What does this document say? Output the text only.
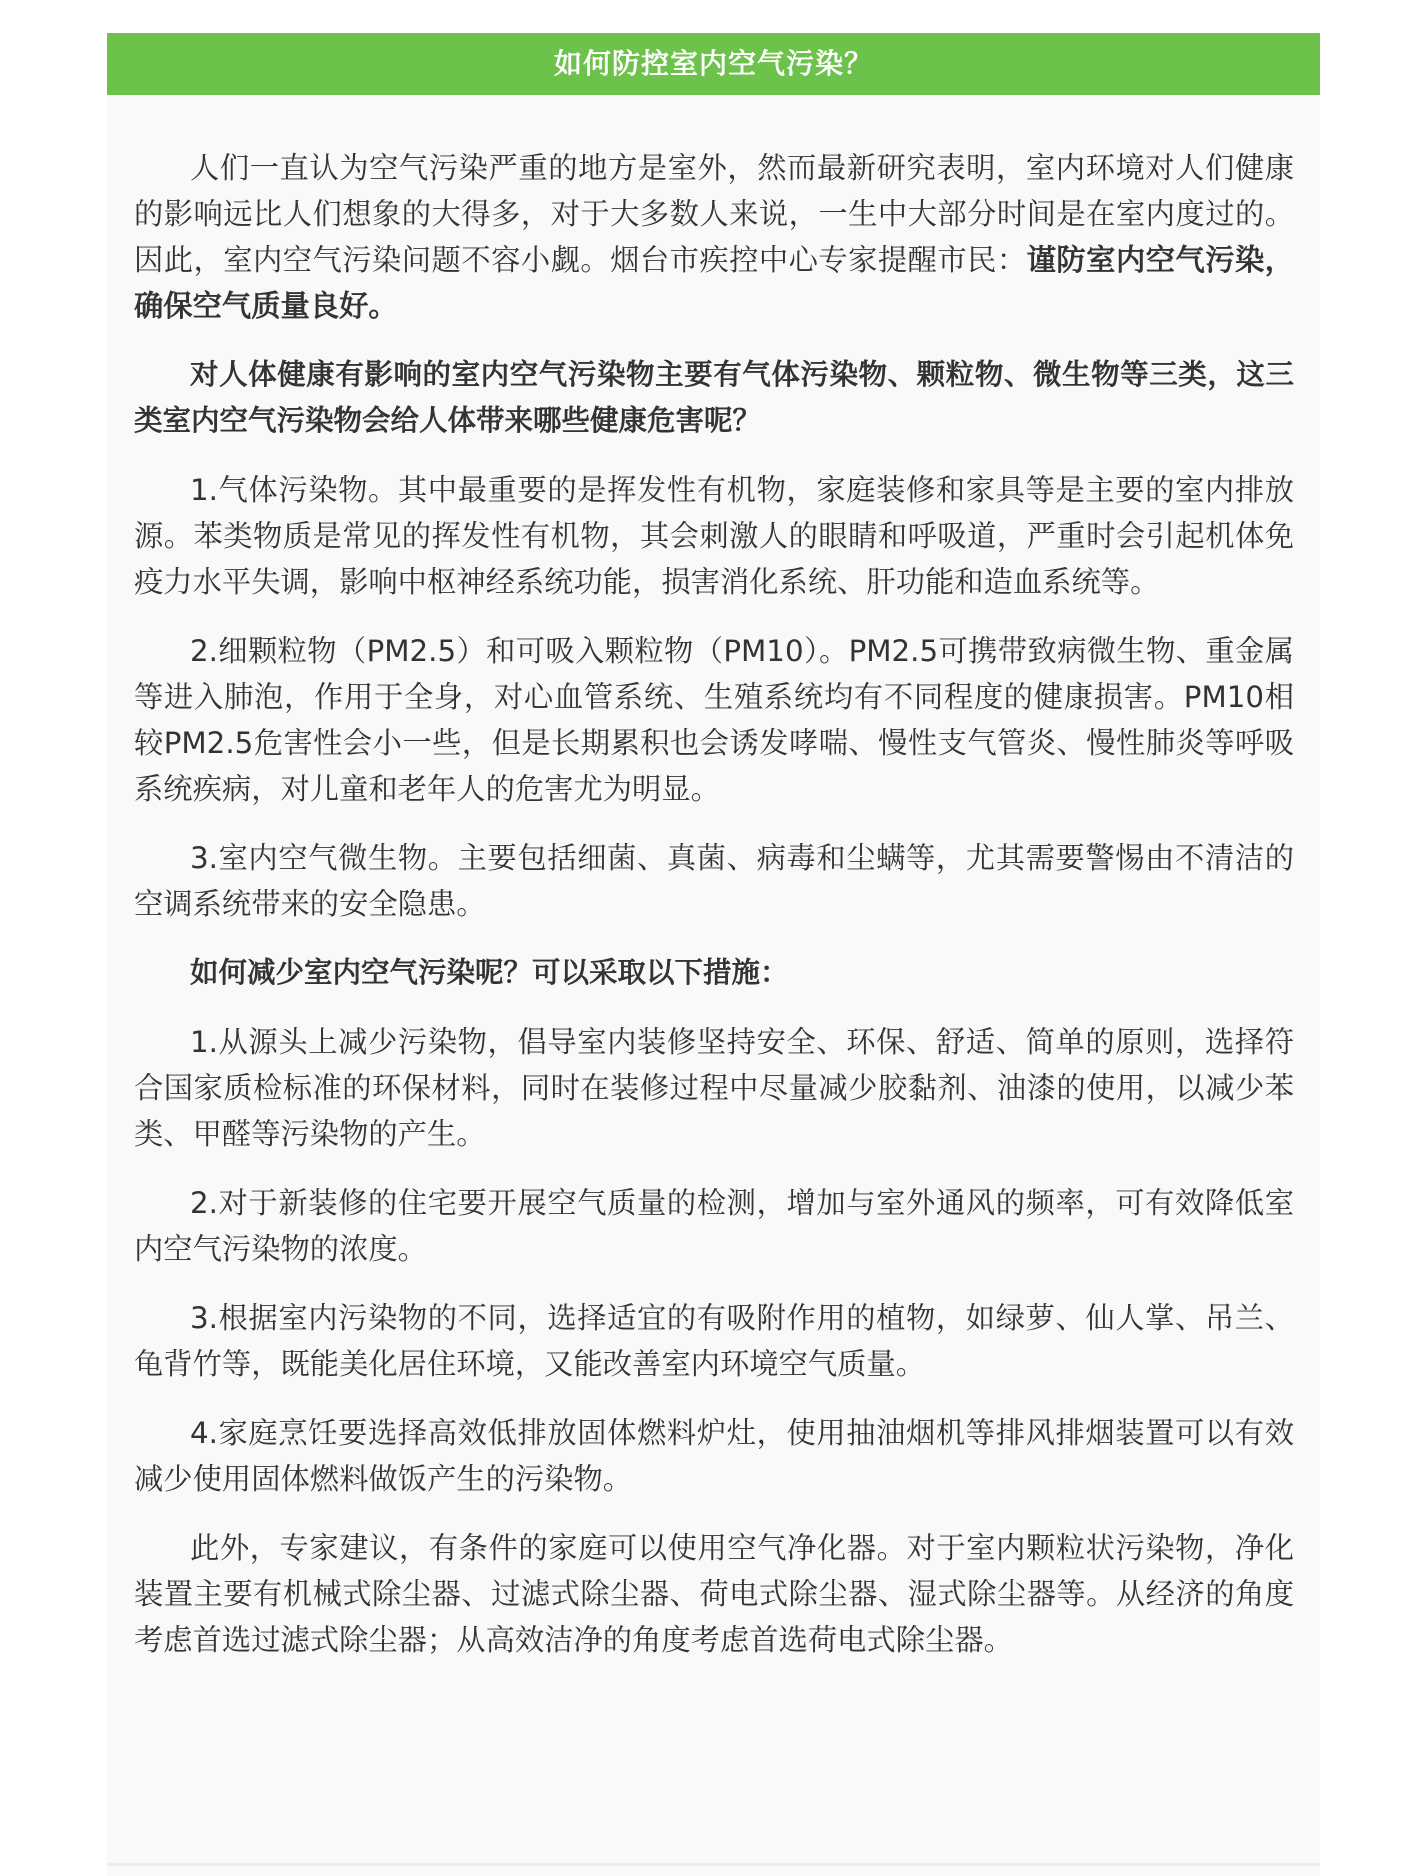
如何防控室内空气污染？

人们一直认为空气污染严重的地方是室外，然而最新研究表明，室内环境对人们健康的影响远比人们想象的大得多，对于大多数人来说，一生中大部分时间是在室内度过的。因此，室内空气污染问题不容小觑。烟台市疾控中心专家提醒市民：谨防室内空气污染，确保空气质量良好。

对人体健康有影响的室内空气污染物主要有气体污染物、颗粒物、微生物等三类，这三类室内空气污染物会给人体带来哪些健康危害呢？

1.气体污染物。其中最重要的是挥发性有机物，家庭装修和家具等是主要的室内排放源。苯类物质是常见的挥发性有机物，其会刺激人的眼睛和呼吸道，严重时会引起机体免疫力水平失调，影响中枢神经系统功能，损害消化系统、肝功能和造血系统等。

2.细颗粒物（PM2.5）和可吸入颗粒物（PM10）。PM2.5可携带致病微生物、重金属等进入肺泡，作用于全身，对心血管系统、生殖系统均有不同程度的健康损害。PM10相较PM2.5危害性会小一些，但是长期累积也会诱发哮喘、慢性支气管炎、慢性肺炎等呼吸系统疾病，对儿童和老年人的危害尤为明显。

3.室内空气微生物。主要包括细菌、真菌、病毒和尘螨等，尤其需要警惕由不清洁的空调系统带来的安全隐患。

如何减少室内空气污染呢？可以采取以下措施：

1.从源头上减少污染物，倡导室内装修坚持安全、环保、舒适、简单的原则，选择符合国家质检标准的环保材料，同时在装修过程中尽量减少胶黏剂、油漆的使用，以减少苯类、甲醛等污染物的产生。

2.对于新装修的住宅要开展空气质量的检测，增加与室外通风的频率，可有效降低室内空气污染物的浓度。

3.根据室内污染物的不同，选择适宜的有吸附作用的植物，如绿萝、仙人掌、吊兰、龟背竹等，既能美化居住环境，又能改善室内环境空气质量。

4.家庭烹饪要选择高效低排放固体燃料炉灶，使用抽油烟机等排风排烟装置可以有效减少使用固体燃料做饭产生的污染物。

此外，专家建议，有条件的家庭可以使用空气净化器。对于室内颗粒状污染物，净化装置主要有机械式除尘器、过滤式除尘器、荷电式除尘器、湿式除尘器等。从经济的角度考虑首选过滤式除尘器；从高效洁净的角度考虑首选荷电式除尘器。
